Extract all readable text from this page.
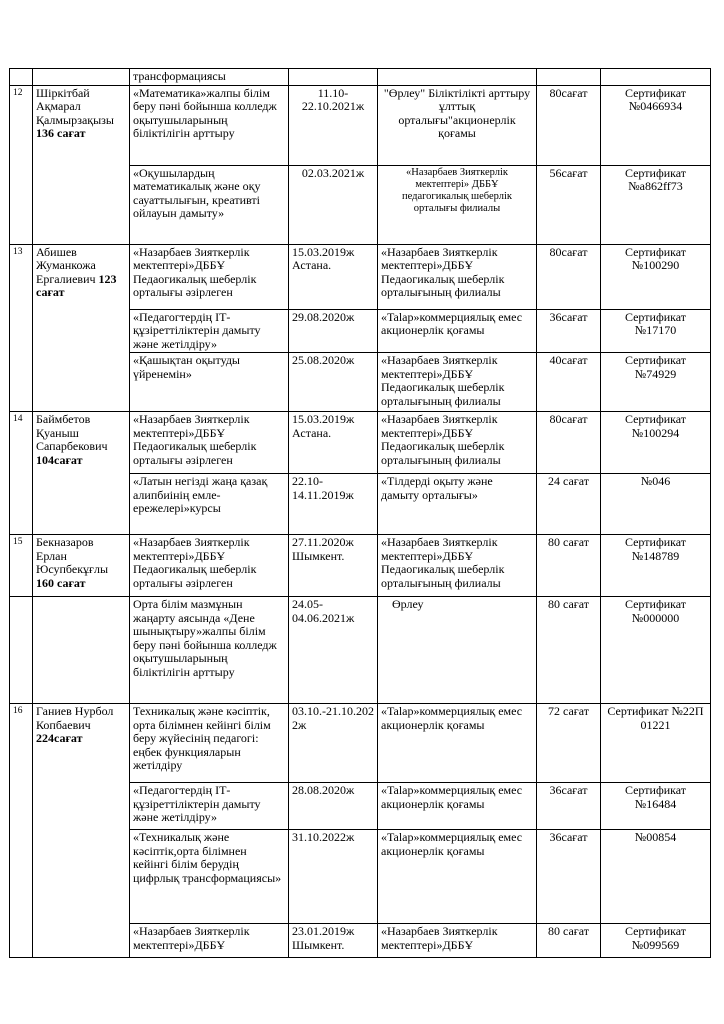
		трансформациясы				
12	Шіркітбай Ақмарал Қалмырзақызы 136 сағат	«Математика»жалпы білім беру пәні бойынша колледж оқытушыларының біліктілігін арттыру	11.10-22.10.2021ж	"Өрлеу" Біліктілікті арттыру ұлттық орталығы"акционерлік қоғамы	80сағат	Сертификат №0466934
		«Оқушылардың математикалық және оқу сауаттылығын, креативті ойлауын дамыту»	02.03.2021ж	«Назарбаев Зияткерлік мектептері» ДББҰ педагогикалық шеберлік орталығы филиалы	56сағат	Сертификат №а862ff73
13	Абишев Жуманкожа Ергалиевич 123 сағат	«Назарбаев Зияткерлік мектептері»ДББҰ Педаогикалық шеберлік орталығы әзірлеген	15.03.2019ж Астана.	«Назарбаев Зияткерлік мектептері»ДББҰ Педаогикалық шеберлік орталығының филиалы	80сағат	Сертификат №100290
		«Педагогтердің ІТ-құзіреттіліктерін дамыту және жетілдіру»	29.08.2020ж	«Talap»коммерциялық емес акционерлік қоғамы	36сағат	Сертификат №17170
		«Қашықтан оқытуды үйренемін»	25.08.2020ж	«Назарбаев Зияткерлік мектептері»ДББҰ Педаогикалық шеберлік орталығының филиалы	40сағат	Сертификат №74929
14	Баймбетов Қуаныш Сапарбекович 104сағат	«Назарбаев Зияткерлік мектептері»ДББҰ Педаогикалық шеберлік орталығы әзірлеген	15.03.2019ж Астана.	«Назарбаев Зияткерлік мектептері»ДББҰ Педаогикалық шеберлік орталығының филиалы	80сағат	Сертификат №100294
		«Латын негізді жаңа қазақ алипбиінің емле-ережелері»курсы	22.10-14.11.2019ж	«Тілдерді оқыту және дамыту орталығы»	24 сағат	№046
15	Бекназаров Ерлан Юсупбекұғлы 160 сағат	«Назарбаев Зияткерлік мектептері»ДББҰ Педаогикалық шеберлік орталығы әзірлеген	27.11.2020ж Шымкент.	«Назарбаев Зияткерлік мектептері»ДББҰ Педаогикалық шеберлік орталығының филиалы	80 сағат	Сертификат №148789
		Орта білім мазмұнын жаңарту аясында «Дене шынықтыру»жалпы білім беру пәні бойынша колледж оқытушыларының біліктілігін арттыру	24.05-04.06.2021ж	Өрлеу	80 сағат	Сертификат №000000
16	Ганиев Нурбол Копбаевич 224сағат	Техникалық және кәсіптік, орта білімнен кейінгі білім беру жүйесінің педагогі: еңбек функцияларын жетілдіру	03.10.-21.10.2022ж	«Talap»коммерциялық емес акционерлік қоғамы	72 сағат	Сертификат №22П 01221
		«Педагогтердің ІТ-құзіреттіліктерін дамыту және жетілдіру»	28.08.2020ж	«Talap»коммерциялық емес акционерлік қоғамы	36сағат	Сертификат №16484
		«Техникалық және кәсіптік,орта білімнен кейінгі білім берудің цифрлық трансформациясы»	31.10.2022ж	«Talap»коммерциялық емес акционерлік қоғамы	36сағат	№00854
		«Назарбаев Зияткерлік мектептері»ДББҰ	23.01.2019ж Шымкент.	«Назарбаев Зияткерлік мектептері»ДББҰ	80 сағат	Сертификат №099569
